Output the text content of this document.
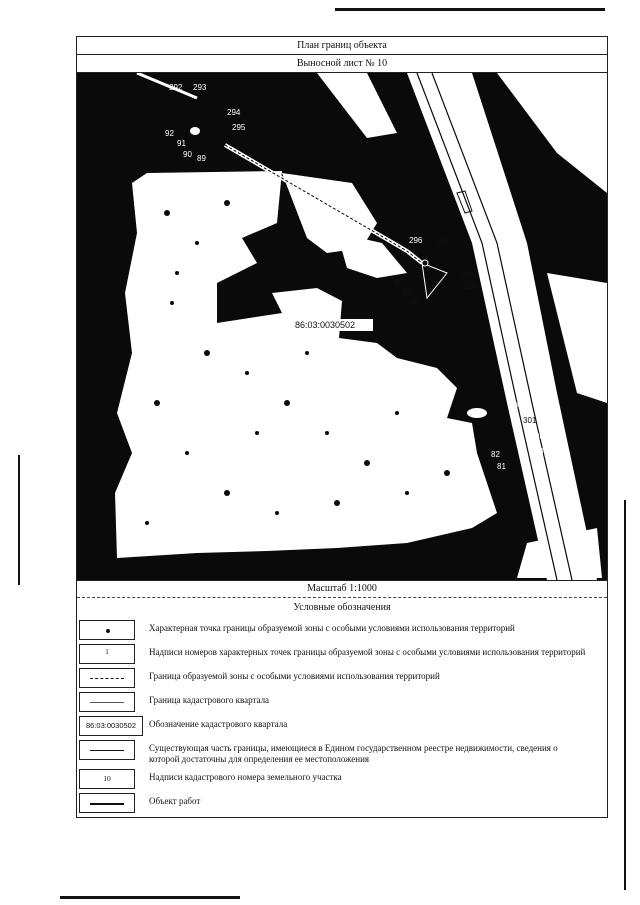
План границ объекта
Выносной лист № 10
292 293
294
295
92
91
90 89
296 297
298
299
87
86
85
300
301
302
303
82
81
86:03:0030502
Масштаб 1:1000
Условные обозначения
Характерная точка границы образуемой зоны с особыми условиями использования территорий
1	Надписи номеров характерных точек границы образуемой зоны с особыми условиями использования территорий
Граница образуемой зоны с особыми условиями использования территорий
Граница кадастрового квартала
86:03:0030502	Обозначение кадастрового квартала
Существующая часть границы, имеющиеся в Едином государственном реестре недвижимости, сведения о которой достаточны для определения ее местоположения
10	Надписи кадастрового номера земельного участка
Объект работ
